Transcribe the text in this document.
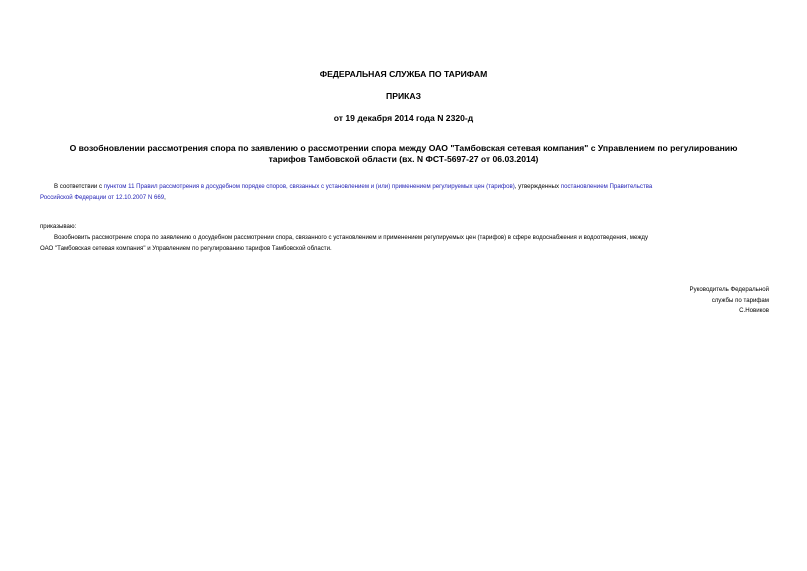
ФЕДЕРАЛЬНАЯ СЛУЖБА ПО ТАРИФАМ
ПРИКАЗ
от 19 декабря 2014 года N 2320-д
О возобновлении рассмотрения спора по заявлению о рассмотрении спора между ОАО "Тамбовская сетевая компания" с Управлением по регулированию
тарифов Тамбовской области (вх. N ФСТ-5697-27 от 06.03.2014)
В соответствии с пунктом 11 Правил рассмотрения в досудебном порядке споров, связанных с установлением и (или) применением регулируемых цен (тарифов), утвержденных постановлением Правительства
Российской Федерации от 12.10.2007 N 669,
приказываю:
Возобновить рассмотрение спора по заявлению о досудебном рассмотрении спора, связанного с установлением и применением регулируемых цен (тарифов) в сфере водоснабжения и водоотведения, между
ОАО "Тамбовская сетевая компания" и Управлением по регулированию тарифов Тамбовской области.
Руководитель Федеральной
службы по тарифам
С.Новиков
